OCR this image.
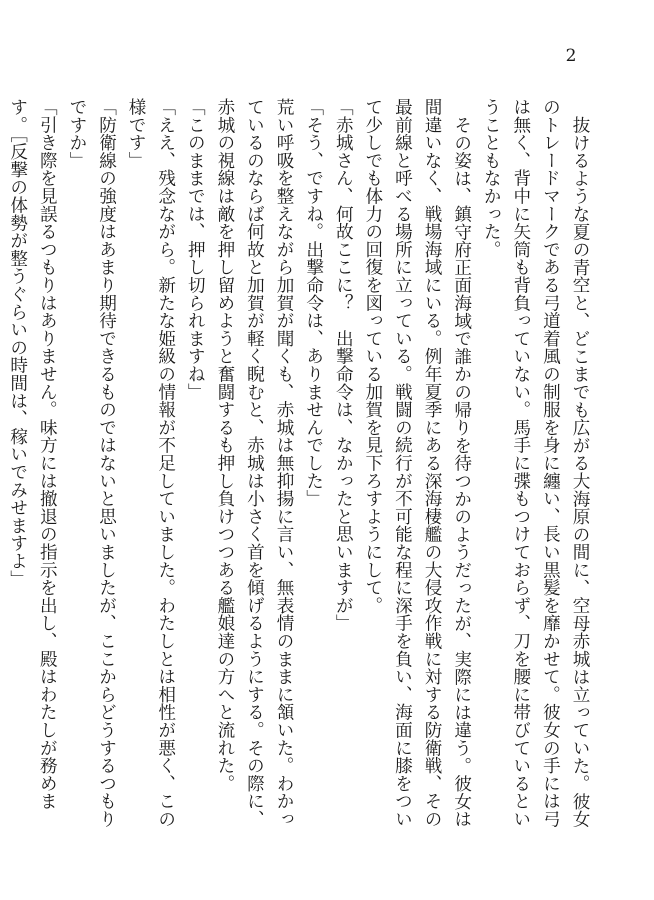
2

抜けるような夏の青空と、どこまでも広がる大海原の間に、空母赤城は立っていた。彼女のトレードマークである弓道着風の制服を身に纏い、長い黒髪を靡かせて。彼女の手には弓は無く、背中に矢筒も背負っていない。馬手に弽もつけておらず、刀を腰に帯びているということもなかった。

その姿は、鎮守府正面海域で誰かの帰りを待つかのようだったが、実際には違う。彼女は間違いなく、戦場海域にいる。例年夏季にある深海棲艦の大侵攻作戦に対する防衛戦、その最前線と呼べる場所に立っている。戦闘の続行が不可能な程に深手を負い、海面に膝をついて少しでも体力の回復を図っている加賀を見下ろすようにして。

「赤城さん、何故ここに？　出撃命令は、なかったと思いますが」

「そう、ですね。出撃命令は、ありませんでした」

荒い呼吸を整えながら加賀が聞くも、赤城は無抑揚に言い、無表情のままに頷いた。わかっているのならば何故と加賀が軽く睨むと、赤城は小さく首を傾げるようにする。その際に、赤城の視線は敵を押し留めようと奮闘するも押し負けつつある艦娘達の方へと流れた。

「このままでは、押し切られますね」

「ええ、残念ながら。新たな姫級の情報が不足していました。わたしとは相性が悪く、この様です」

「防衛線の強度はあまり期待できるものではないと思いましたが、ここからどうするつもりですか」

「引き際を見誤るつもりはありません。味方には撤退の指示を出し、殿はわたしが務めます。［反撃の体勢が整うぐらいの時間は、稼いでみせますよ」
